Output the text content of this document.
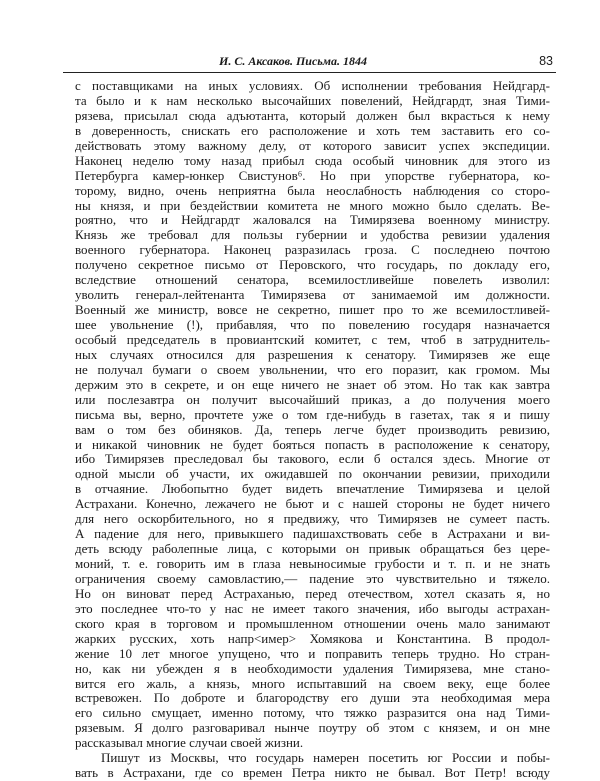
И. С. Аксаков. Письма. 1844	83
с поставщиками на иных условиях. Об исполнении требования Нейдгард-
та было и к нам несколько высочайших повелений, Нейдгардт, зная Тими-
рязева, присылал сюда адъютанта, который должен был вкрасться к нему
в доверенность, снискать его расположение и хоть тем заставить его со-
действовать этому важному делу, от которого зависит успех экспедиции.
Наконец неделю тому назад прибыл сюда особый чиновник для этого из
Петербурга камер-юнкер Свистунов⁶. Но при упорстве губернатора, ко-
торому, видно, очень неприятна была неослабность наблюдения со сторо-
ны князя, и при бездействии комитета не много можно было сделать. Ве-
роятно, что и Нейдгардт жаловался на Тимирязева военному министру.
Князь же требовал для пользы губернии и удобства ревизии удаления
военного губернатора. Наконец разразилась гроза. С последнею почтою
получено секретное письмо от Перовского, что государь, по докладу его,
вследствие отношений сенатора, всемилостливейше повелеть изволил:
уволить генерал-лейтенанта Тимирязева от занимаемой им должности.
Военный же министр, вовсе не секретно, пишет про то же всемилостливей-
шее увольнение (!), прибавляя, что по повелению государя назначается
особый председатель в провиантский комитет, с тем, чтоб в затруднитель-
ных случаях относился для разрешения к сенатору. Тимирязев же еще
не получал бумаги о своем увольнении, что его поразит, как громом. Мы
держим это в секрете, и он еще ничего не знает об этом. Но так как завтра
или послезавтра он получит высочайший приказ, а до получения моего
письма вы, верно, прочтете уже о том где-нибудь в газетах, так я и пишу
вам о том без обиняков. Да, теперь легче будет производить ревизию,
и никакой чиновник не будет бояться попасть в расположение к сенатору,
ибо Тимирязев преследовал бы такового, если б остался здесь. Многие от
одной мысли об участи, их ожидавшей по окончании ревизии, приходили
в отчаяние. Любопытно будет видеть впечатление Тимирязева и целой
Астрахани. Конечно, лежачего не бьют и с нашей стороны не будет ничего
для него оскорбительного, но я предвижу, что Тимирязев не сумеет пасть.
А падение для него, привыкшего падишахствовать себе в Астрахани и ви-
деть всюду раболепные лица, с которыми он привык обращаться без цере-
моний, т. е. говорить им в глаза невыносимые грубости и т. п. и не знать
ограничения своему самовластию,— падение это чувствительно и тяжело.
Но он виноват перед Астраханью, перед отечеством, хотел сказать я, но
это последнее что-то у нас не имеет такого значения, ибо выгоды астрахан-
ского края в торговом и промышленном отношении очень мало занимают
жарких русских, хоть напр<имер> Хомякова и Константина. В продол-
жение 10 лет многое упущено, что и поправить теперь трудно. Но стран-
но, как ни убежден я в необходимости удаления Тимирязева, мне стано-
вится его жаль, а князь, много испытавший на своем веку, еще более
встревожен. По доброте и благородству его души эта необходимая мера
его сильно смущает, именно потому, что тяжко разразится она над Тими-
рязевым. Я долго разговаривал нынче поутру об этом с князем, и он мне
рассказывал многие случаи своей жизни.
Пишут из Москвы, что государь намерен посетить юг России и побы-
вать в Астрахани, где со времен Петра никто не бывал. Вот Петр! всюду
